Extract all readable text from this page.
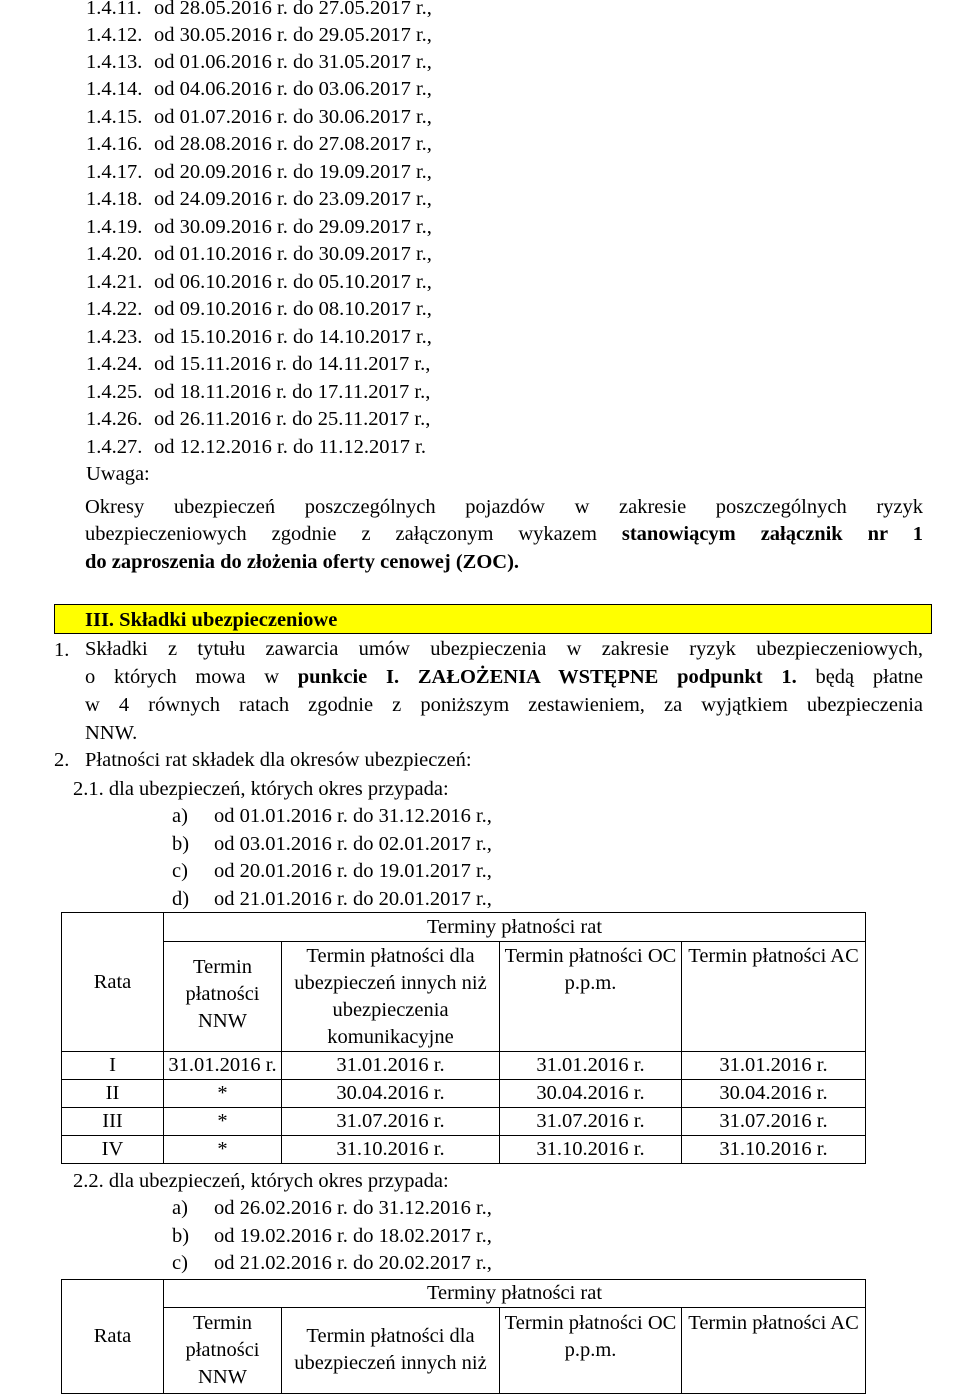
1.4.11. od 28.05.2016 r. do 27.05.2017 r.,
1.4.12. od 30.05.2016 r. do 29.05.2017 r.,
1.4.13. od 01.06.2016 r. do 31.05.2017 r.,
1.4.14. od 04.06.2016 r. do 03.06.2017 r.,
1.4.15. od 01.07.2016 r. do 30.06.2017 r.,
1.4.16. od 28.08.2016 r. do 27.08.2017 r.,
1.4.17. od 20.09.2016 r. do 19.09.2017 r.,
1.4.18. od 24.09.2016 r. do 23.09.2017 r.,
1.4.19. od 30.09.2016 r. do 29.09.2017 r.,
1.4.20. od 01.10.2016 r. do 30.09.2017 r.,
1.4.21. od 06.10.2016 r. do 05.10.2017 r.,
1.4.22. od 09.10.2016 r. do 08.10.2017 r.,
1.4.23. od 15.10.2016 r. do 14.10.2017 r.,
1.4.24. od 15.11.2016 r. do 14.11.2017 r.,
1.4.25. od 18.11.2016 r. do 17.11.2017 r.,
1.4.26. od 26.11.2016 r. do 25.11.2017 r.,
1.4.27. od 12.12.2016 r. do 11.12.2017 r.
Uwaga:
Okresy ubezpieczeń poszczególnych pojazdów w zakresie poszczególnych ryzyk
ubezpieczeniowych zgodnie z załączonym wykazem stanowiącym załącznik nr 1
do zaproszenia do złożenia oferty cenowej (ZOC).
III. Składki ubezpieczeniowe
1. Składki z tytułu zawarcia umów ubezpieczenia w zakresie ryzyk ubezpieczeniowych,
o których mowa w punkcie I. ZAŁOŻENIA WSTĘPNE podpunkt 1. będą płatne
w 4 równych ratach zgodnie z poniższym zestawieniem, za wyjątkiem ubezpieczenia
NNW.
2. Płatności rat składek dla okresów ubezpieczeń:
2.1. dla ubezpieczeń, których okres przypada:
a) od 01.01.2016 r. do 31.12.2016 r.,
b) od 03.01.2016 r. do 02.01.2017 r.,
c) od 20.01.2016 r. do 19.01.2017 r.,
d) od 21.01.2016 r. do 20.01.2017 r.,
Rata	Terminy płatności rat			
	Termin płatności NNW	Termin płatności dla ubezpieczeń innych niż ubezpieczenia komunikacyjne	Termin płatności OC p.p.m.	Termin płatności AC
I	31.01.2016 r.	31.01.2016 r.	31.01.2016 r.	31.01.2016 r.
II	*	30.04.2016 r.	30.04.2016 r.	30.04.2016 r.
III	*	31.07.2016 r.	31.07.2016 r.	31.07.2016 r.
IV	*	31.10.2016 r.	31.10.2016 r.	31.10.2016 r.
2.2. dla ubezpieczeń, których okres przypada:
a) od 26.02.2016 r. do 31.12.2016 r.,
b) od 19.02.2016 r. do 18.02.2017 r.,
c) od 21.02.2016 r. do 20.02.2017 r.,
Rata	Terminy płatności rat			
	Termin płatności NNW	Termin płatności dla ubezpieczeń innych niż	Termin płatności OC p.p.m.	Termin płatności AC
